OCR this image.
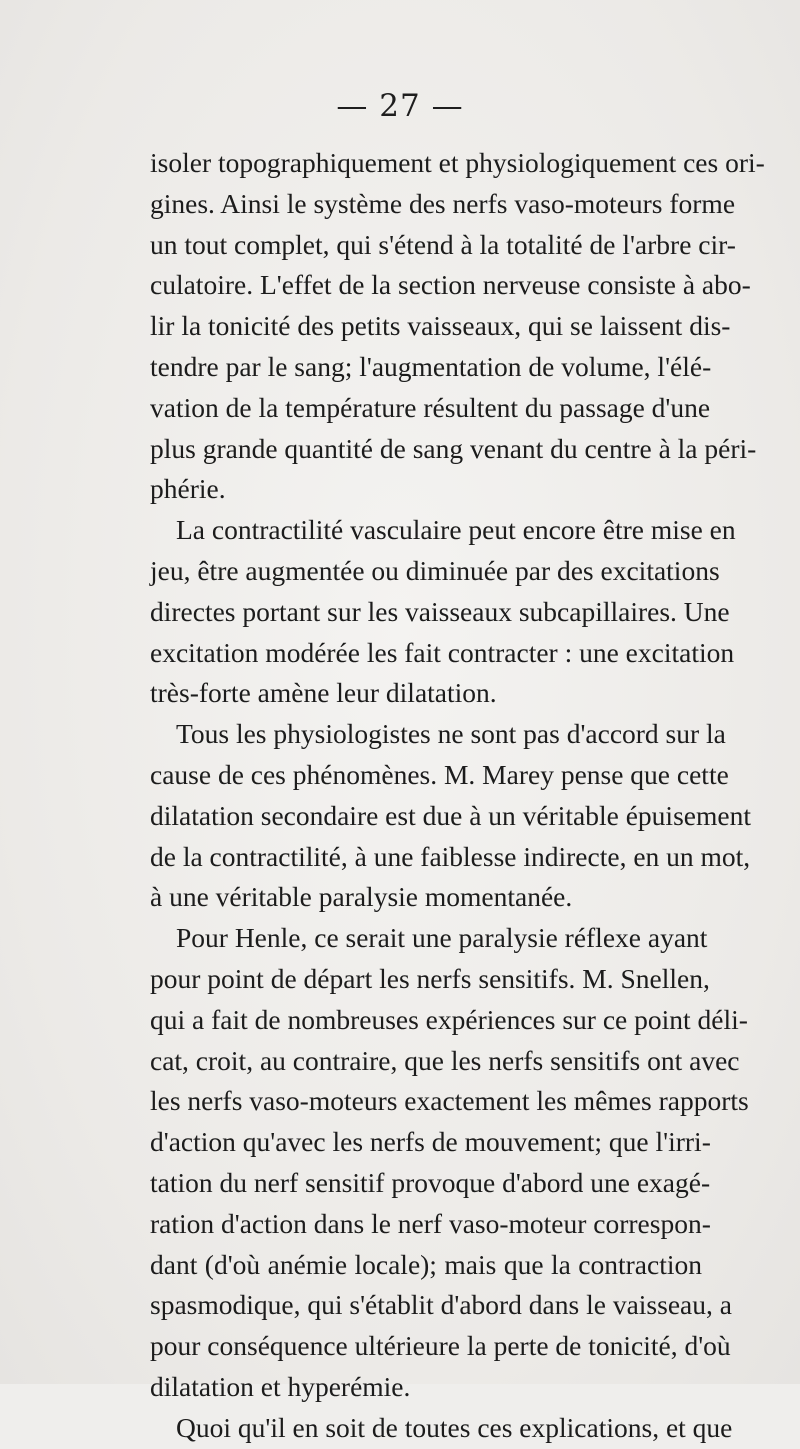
— 27 —
isoler topographiquement et physiologiquement ces ori-
gines. Ainsi le système des nerfs vaso-moteurs forme
un tout complet, qui s'étend à la totalité de l'arbre cir-
culatoire. L'effet de la section nerveuse consiste à abo-
lir la tonicité des petits vaisseaux, qui se laissent dis-
tendre par le sang; l'augmentation de volume, l'élé-
vation de la température résultent du passage d'une
plus grande quantité de sang venant du centre à la péri-
phérie.
La contractilité vasculaire peut encore être mise en
jeu, être augmentée ou diminuée par des excitations
directes portant sur les vaisseaux subcapillaires. Une
excitation modérée les fait contracter : une excitation
très-forte amène leur dilatation.
Tous les physiologistes ne sont pas d'accord sur la
cause de ces phénomènes. M. Marey pense que cette
dilatation secondaire est due à un véritable épuisement
de la contractilité, à une faiblesse indirecte, en un mot,
à une véritable paralysie momentanée.
Pour Henle, ce serait une paralysie réflexe ayant
pour point de départ les nerfs sensitifs. M. Snellen,
qui a fait de nombreuses expériences sur ce point déli-
cat, croit, au contraire, que les nerfs sensitifs ont avec
les nerfs vaso-moteurs exactement les mêmes rapports
d'action qu'avec les nerfs de mouvement; que l'irri-
tation du nerf sensitif provoque d'abord une exagé-
ration d'action dans le nerf vaso-moteur correspon-
dant (d'où anémie locale); mais que la contraction
spasmodique, qui s'établit d'abord dans le vaisseau, a
pour conséquence ultérieure la perte de tonicité, d'où
dilatation et hyperémie.
Quoi qu'il en soit de toutes ces explications, et que
